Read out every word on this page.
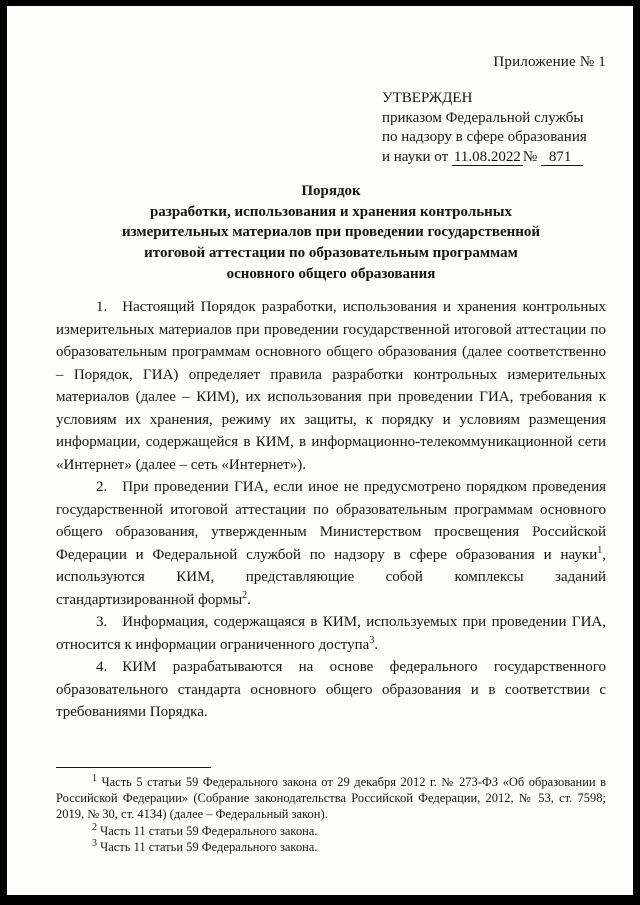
Приложение № 1
УТВЕРЖДЕН
приказом Федеральной службы
по надзору в сфере образования
и науки от 11.08.2022 № 871
Порядок
разработки, использования и хранения контрольных
измерительных материалов при проведении государственной
итоговой аттестации по образовательным программам
основного общего образования

1.  Настоящий Порядок разработки, использования и хранения контрольных измерительных материалов при проведении государственной итоговой аттестации по образовательным программам основного общего образования (далее соответственно – Порядок, ГИА) определяет правила разработки контрольных измерительных материалов (далее – КИМ), их использования при проведении ГИА, требования к условиям их хранения, режиму их защиты, к порядку и условиям размещения информации, содержащейся в КИМ, в информационно-телекоммуникационной сети «Интернет» (далее – сеть «Интернет»).

2.  При проведении ГИА, если иное не предусмотрено порядком проведения государственной итоговой аттестации по образовательным программам основного общего образования, утвержденным Министерством просвещения Российской Федерации и Федеральной службой по надзору в сфере образования и науки$^1$, используются КИМ, представляющие собой комплексы заданий стандартизированной формы$^2$.

3.  Информация, содержащаяся в КИМ, используемых при проведении ГИА, относится к информации ограниченного доступа$^3$.

4.  КИМ разрабатываются на основе федерального государственного образовательного стандарта основного общего образования и в соответствии с требованиями Порядка.

$^1$ Часть 5 статьи 59 Федерального закона от 29 декабря 2012 г. № 273-ФЗ «Об образовании в Российской Федерации» (Собрание законодательства Российской Федерации, 2012, № 53, ст. 7598; 2019, № 30, ст. 4134) (далее – Федеральный закон).

$^2$ Часть 11 статьи 59 Федерального закона.

$^3$ Часть 11 статьи 59 Федерального закона.
